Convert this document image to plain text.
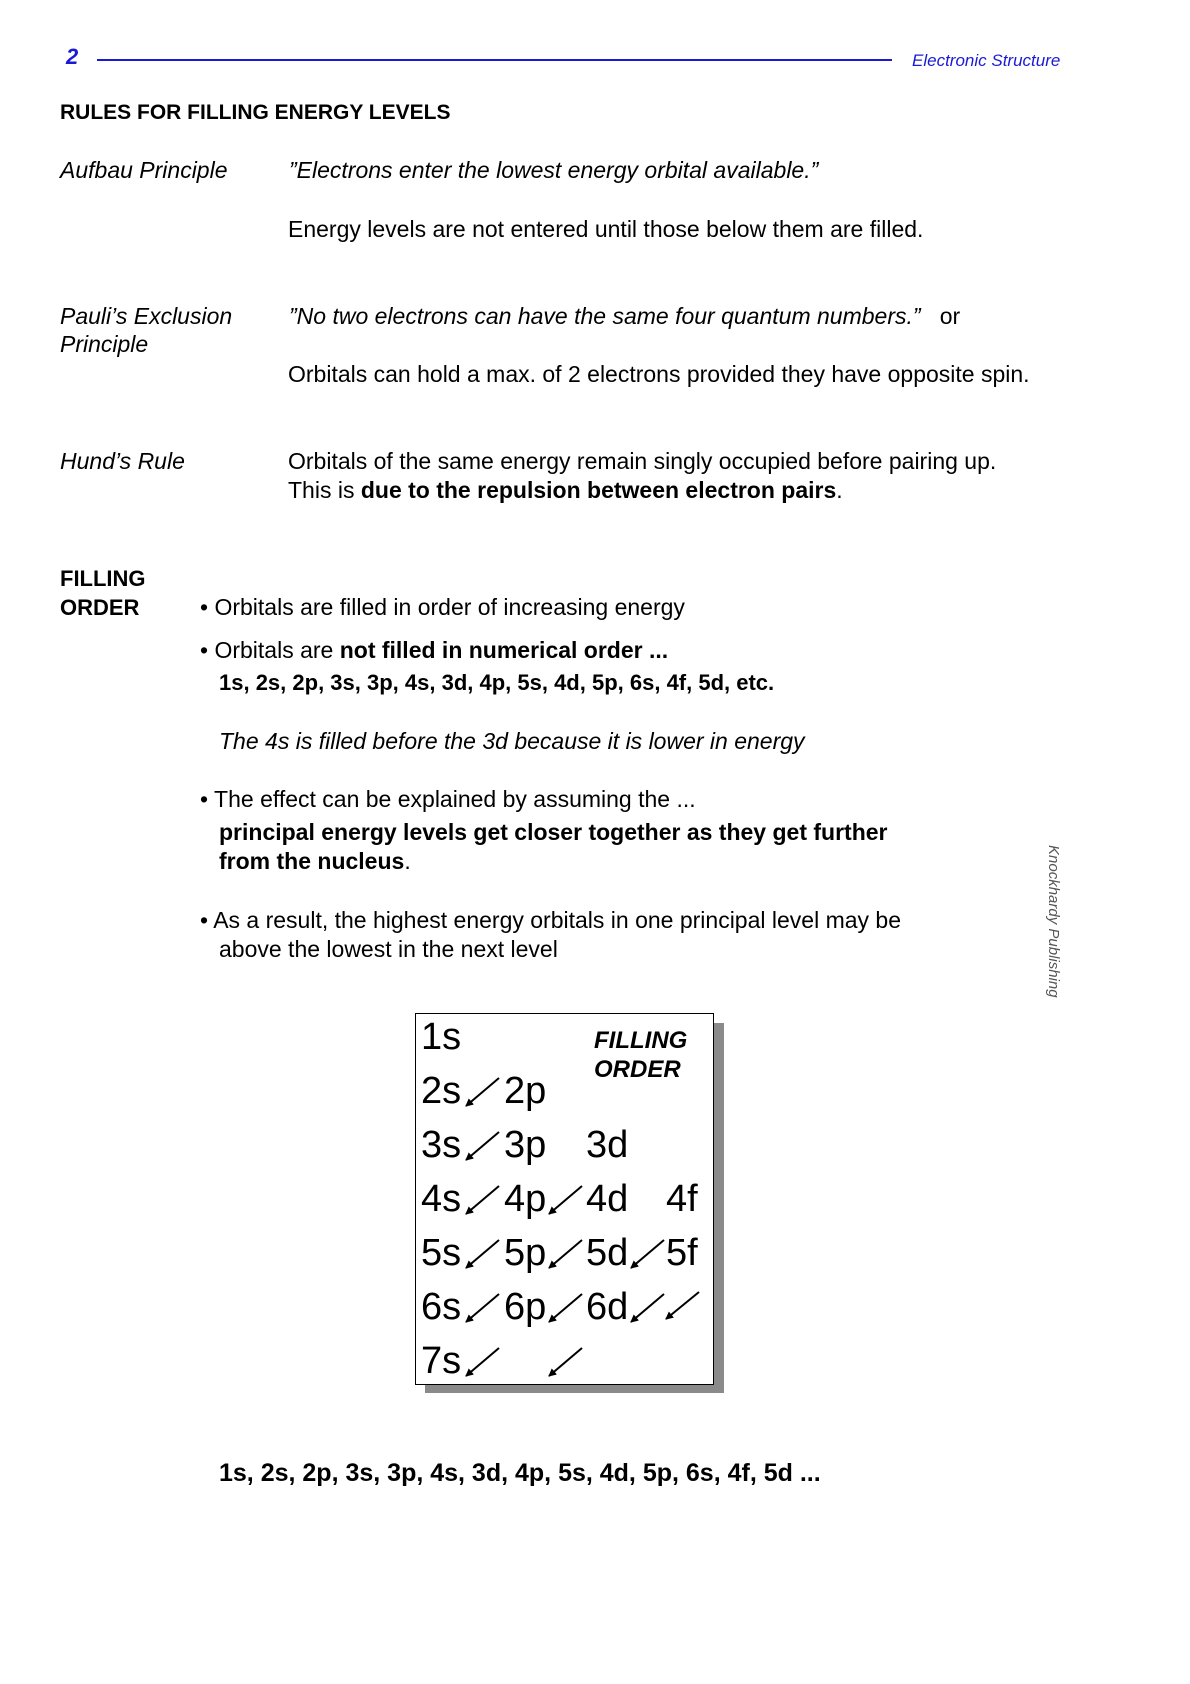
2	Electronic Structure
Knockhardy Publishing
RULES FOR FILLING ENERGY LEVELS
Aufbau Principle	”Electrons enter the lowest energy orbital available.”
Energy levels are not entered until those below them are filled.
Pauli’s Exclusion
Principle
”No two electrons can have the same four quantum numbers.” or
Orbitals can hold a max. of 2 electrons provided they have opposite spin.
Hund’s Rule	Orbitals of the same energy remain singly occupied before pairing up.
This is due to the repulsion between electron pairs.
FILLING
ORDER	• Orbitals are filled in order of increasing energy
• Orbitals are not filled in numerical order ...
1s, 2s, 2p, 3s, 3p, 4s, 3d, 4p, 5s, 4d, 5p, 6s, 4f, 5d, etc.
The 4s is filled before the 3d because it is lower in energy
• The effect can be explained by assuming the ...
principal energy levels get closer together as they get further
from the nucleus.
• As a result, the highest energy orbitals in one principal level may be
above the lowest in the next level
FILLING
ORDER
1s
2s 2p
3s 3p 3d
4s 4p 4d 4f
5s 5p 5d 5f
6s 6p 6d
7s
1s, 2s, 2p, 3s, 3p, 4s, 3d, 4p, 5s, 4d, 5p, 6s, 4f, 5d ...
